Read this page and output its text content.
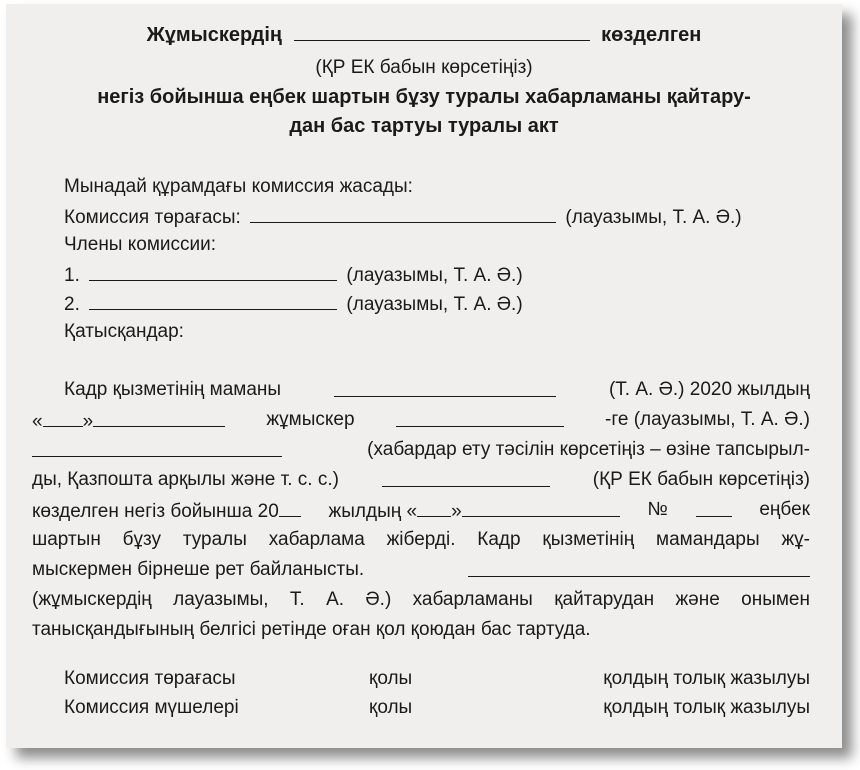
Жұмыскердің	көзделген
(ҚР ЕК бабын көрсетіңіз)
негіз бойынша еңбек шартын бұзу туралы хабарламаны қайтару-
дан бас тартуы туралы акт
Мынадай құрамдағы комиссия жасады:
Комиссия төрағасы:	(лауазымы, Т. А. Ә.)
Члены комиссии:
1.	(лауазымы, Т. А. Ә.)
2.	(лауазымы, Т. А. Ә.)
Қатысқандар:
Кадр қызметінің маманы	(Т. А. Ә.) 2020 жылдың
« »	жұмыскер	-ге (лауазымы, Т. А. Ә.)
(хабардар ету тәсілін көрсетіңіз – өзіне тапсырыл-
ды, Қазпошта арқылы және т. с. с.)	(ҚР ЕК бабын көрсетіңіз)
көзделген негіз бойынша 20	жылдың « »	№	еңбек
шартын бұзу туралы хабарлама жіберді. Кадр қызметінің мамандары жұ-
мыскермен бірнеше рет байланысты.
(жұмыскердің лауазымы, Т. А. Ә.) хабарламаны қайтарудан және онымен
танысқандығының белгісі ретінде оған қол қоюдан бас тартуда.
Комиссия төрағасы	қолы	қолдың толық жазылуы
Комиссия мүшелері	қолы	қолдың толық жазылуы
